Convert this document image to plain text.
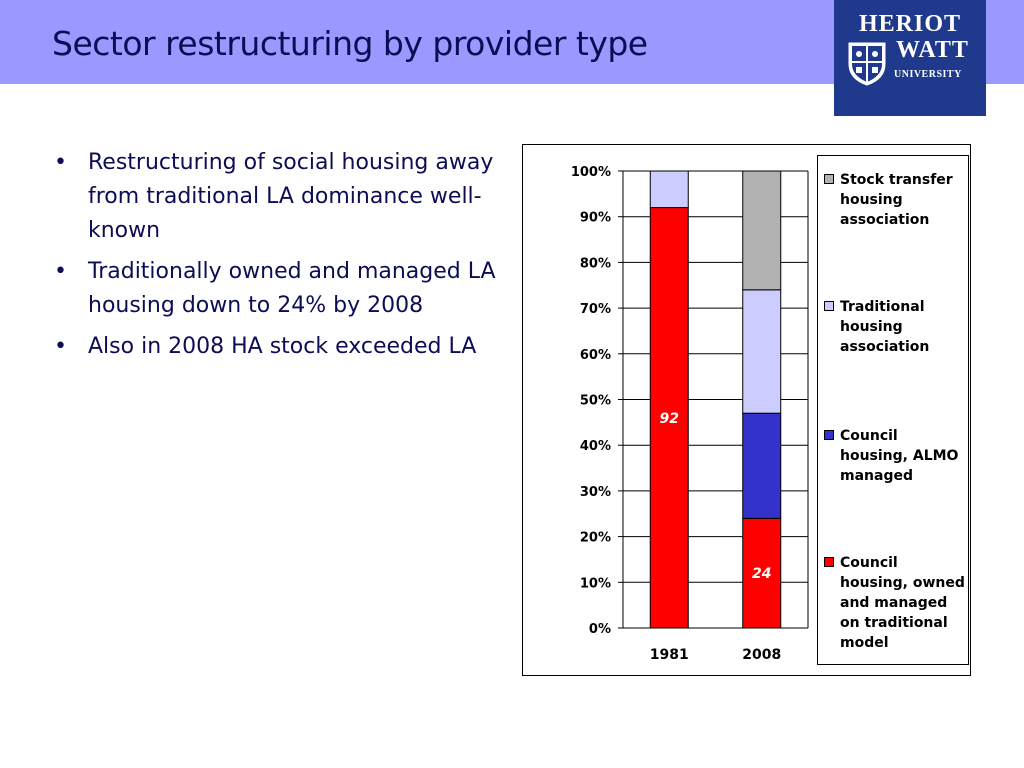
Sector restructuring by provider type	HERIOT
WATT
UNIVERSITY
• Restructuring of social housing away from traditional LA dominance well-known
• Traditionally owned and managed LA housing down to 24% by 2008
• Also in 2008 HA stock exceeded LA
0%
10%
20%
30%
40%
50%
60%
70%
80%
90%
100%
92
1981
24
2008
Stock transfer housing association
Traditional housing association
Council housing, ALMO managed
Council housing, owned and managed on traditional model
